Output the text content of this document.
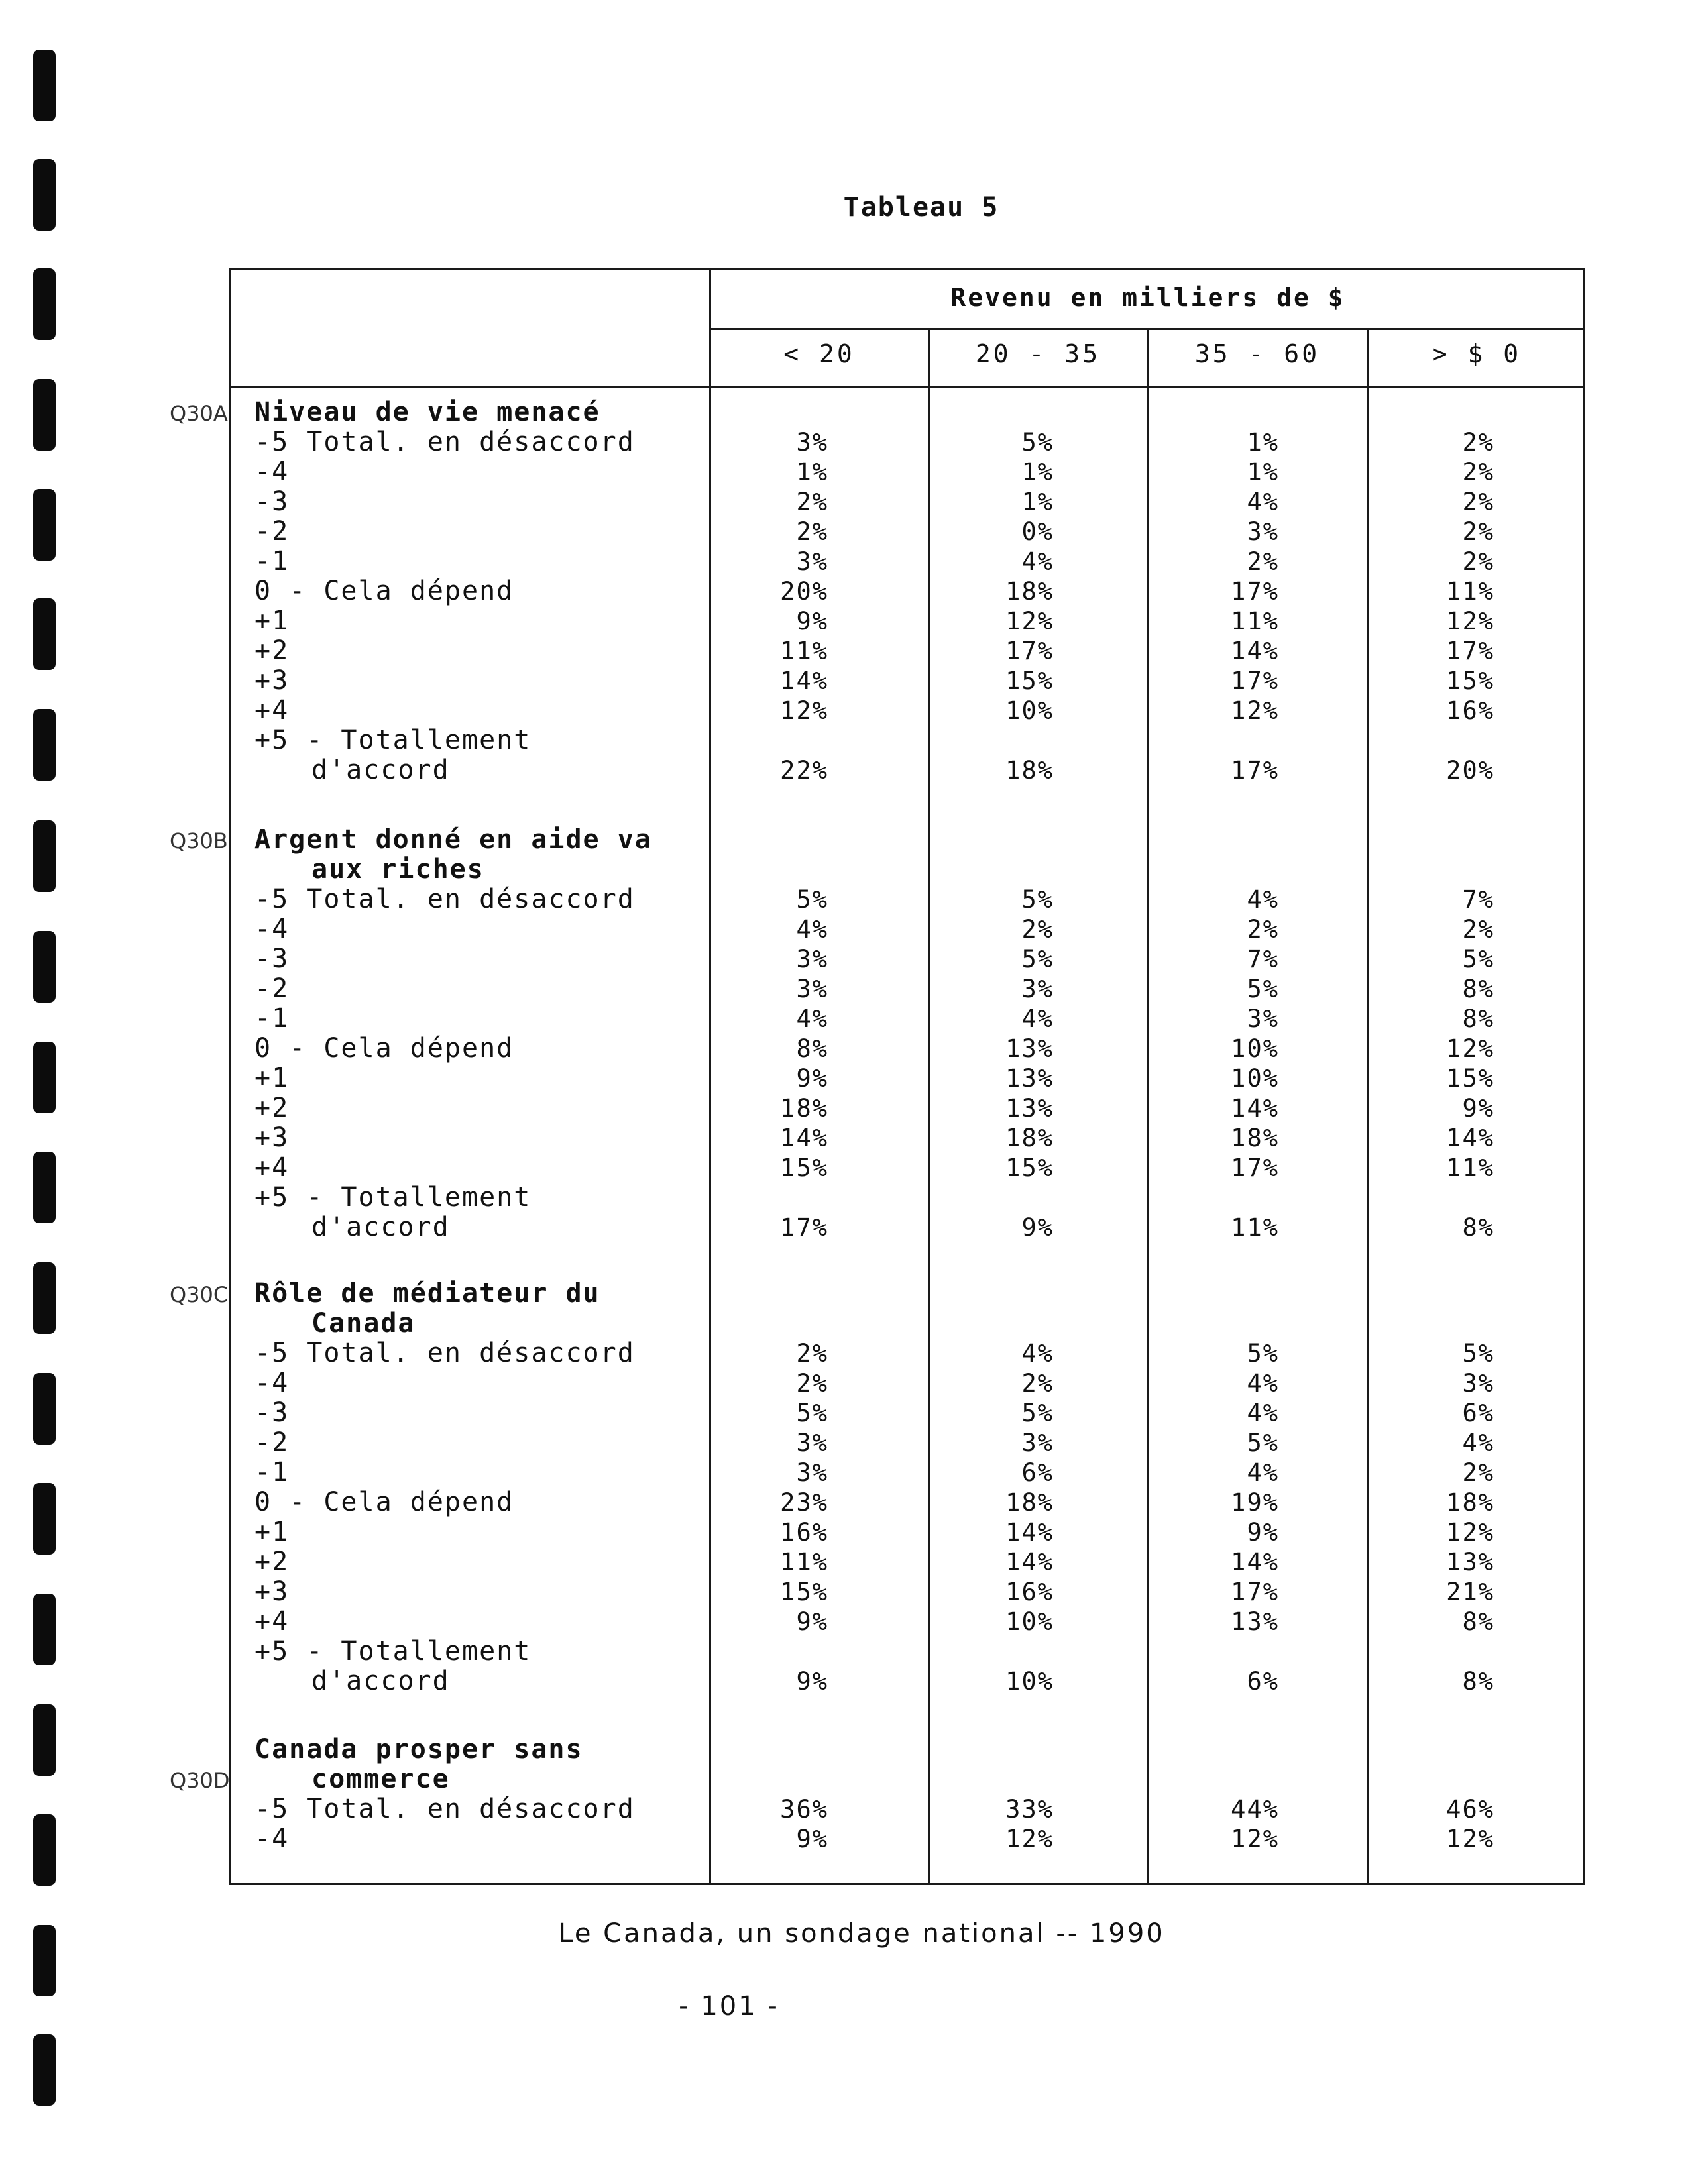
Tableau 5
Revenu en milliers de $
< 20	20 - 35	35 - 60	> $ 0
Q30A Niveau de vie menacé
-5 Total. en désaccord	3%	5%	1%	2%
-4	1%	1%	1%	2%
-3	2%	1%	4%	2%
-2	2%	0%	3%	2%
-1	3%	4%	2%	2%
0 - Cela dépend	20%	18%	17%	11%
+1	9%	12%	11%	12%
+2	11%	17%	14%	17%
+3	14%	15%	17%	15%
+4	12%	10%	12%	16%
+5 - Totallement
d'accord	22%	18%	17%	20%
Q30B Argent donné en aide va
aux riches
-5 Total. en désaccord	5%	5%	4%	7%
-4	4%	2%	2%	2%
-3	3%	5%	7%	5%
-2	3%	3%	5%	8%
-1	4%	4%	3%	8%
0 - Cela dépend	8%	13%	10%	12%
+1	9%	13%	10%	15%
+2	18%	13%	14%	9%
+3	14%	18%	18%	14%
+4	15%	15%	17%	11%
+5 - Totallement
d'accord	17%	9%	11%	8%
Q30C Rôle de médiateur du
Canada
-5 Total. en désaccord	2%	4%	5%	5%
-4	2%	2%	4%	3%
-3	5%	5%	4%	6%
-2	3%	3%	5%	4%
-1	3%	6%	4%	2%
0 - Cela dépend	23%	18%	19%	18%
+1	16%	14%	9%	12%
+2	11%	14%	14%	13%
+3	15%	16%	17%	21%
+4	9%	10%	13%	8%
+5 - Totallement
d'accord	9%	10%	6%	8%
Q30D
Canada prosper sans
commerce
-5 Total. en désaccord	36%	33%	44%	46%
-4	9%	12%	12%	12%
Le Canada, un sondage national -- 1990
- 101 -
